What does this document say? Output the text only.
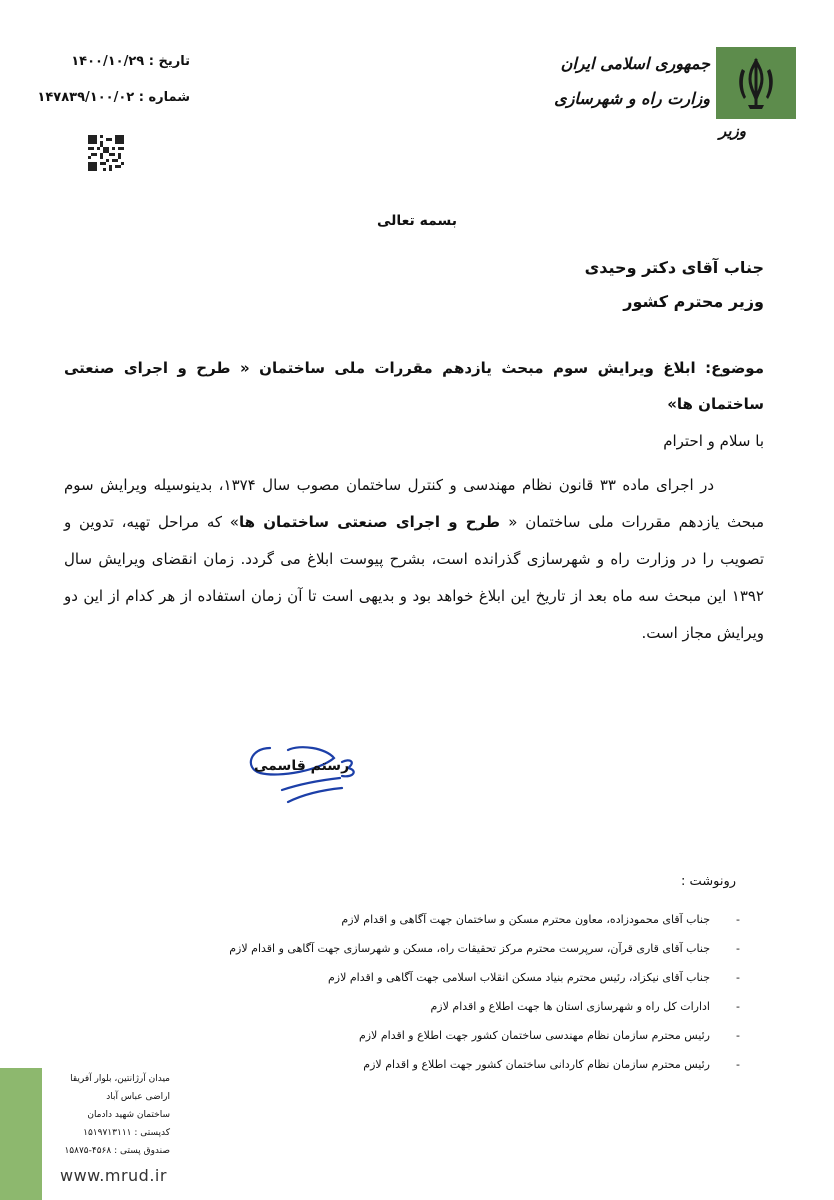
جمهوری اسلامی ایران
وزارت راه و شهرسازی
وزیر
تاریخ : ۱۴۰۰/۱۰/۲۹
شماره : ۱۴۷۸۳۹/۱۰۰/۰۲
بسمه تعالی
جناب آقای دکتر وحیدی
وزیر محترم کشور
موضوع: ابلاغ ویرایش سوم مبحث یازدهم مقررات ملی ساختمان « طرح و اجرای صنعتی ساختمان ها»
با سلام و احترام
در اجرای ماده ۳۳ قانون نظام مهندسی و کنترل ساختمان مصوب سال ۱۳۷۴، بدینوسیله ویرایش سوم مبحث یازدهم مقررات ملی ساختمان « طرح و اجرای صنعتی ساختمان ها» که مراحل تهیه، تدوین و تصویب را در وزارت راه و شهرسازی گذرانده است، بشرح پیوست ابلاغ می گردد. زمان انقضای ویرایش سال ۱۳۹۲ این مبحث سه ماه بعد از تاریخ این ابلاغ خواهد بود و بدیهی است تا آن زمان استفاده از هر کدام از این دو ویرایش مجاز است.
رستم قاسمی
رونوشت :
-
جناب آقای محمودزاده، معاون محترم مسکن و ساختمان جهت آگاهی و اقدام لازم
-
جناب آقای قاری قرآن، سرپرست محترم مرکز تحقیقات راه، مسکن و شهرسازی جهت آگاهی و اقدام لازم
-
جناب آقای نیکزاد، رئیس محترم بنیاد مسکن انقلاب اسلامی جهت آگاهی و اقدام لازم
-
ادارات کل راه و شهرسازی استان ها جهت اطلاع و اقدام لازم
-
رئیس محترم سازمان نظام مهندسی ساختمان کشور جهت اطلاع و اقدام لازم
-
رئیس محترم سازمان نظام کاردانی ساختمان کشور جهت اطلاع و اقدام لازم
میدان آرژانتین، بلوار آفریقا
اراضی عباس آباد
ساختمان شهید دادمان
کدپستی : ۱۵۱۹۷۱۳۱۱۱
صندوق پستی : ۴۵۶۸-۱۵۸۷۵
www.mrud.ir
